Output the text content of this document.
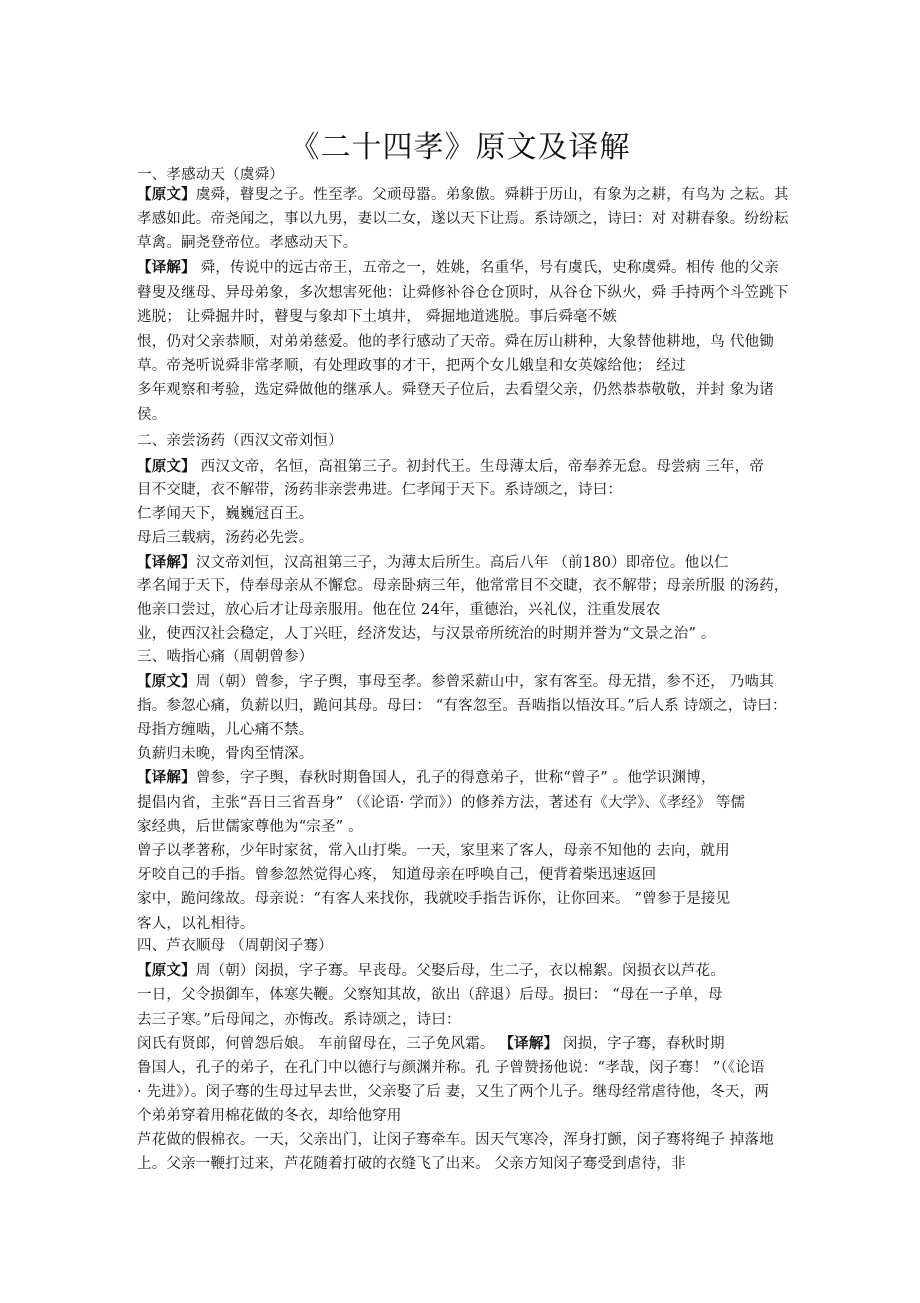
《二十四孝》原文及译解
一、孝感动天（虞舜）
【原文】虞舜，瞽叟之子。性至孝。父顽母嚣。弟象傲。舜耕于历山，有象为之耕，有鸟为 之耘。其
孝感如此。帝尧闻之，事以九男，妻以二女，遂以天下让焉。系诗颂之，诗曰：对 对耕春象。纷纷耘
草禽。嗣尧登帝位。孝感动天下。
【译解】 舜，传说中的远古帝王，五帝之一，姓姚，名重华，号有虞氏，史称虞舜。相传 他的父亲
瞽叟及继母、异母弟象，多次想害死他：让舜修补谷仓仓顶时，从谷仓下纵火，舜 手持两个斗笠跳下
逃脱； 让舜掘井时，瞽叟与象却下土填井， 舜掘地道逃脱。事后舜毫不嫉
恨，仍对父亲恭顺，对弟弟慈爱。他的孝行感动了天帝。舜在厉山耕种，大象替他耕地，鸟 代他锄
草。帝尧听说舜非常孝顺，有处理政事的才干，把两个女儿娥皇和女英嫁给他； 经过
多年观察和考验，选定舜做他的继承人。舜登天子位后，去看望父亲，仍然恭恭敬敬，并封 象为诸
侯。
二、亲尝汤药（西汉文帝刘恒）
【原文】 西汉文帝，名恒，高祖第三子。初封代王。生母薄太后，帝奉养无怠。母尝病 三年，帝
目不交睫，衣不解带，汤药非亲尝弗进。仁孝闻于天下。系诗颂之，诗曰：
仁孝闻天下，巍巍冠百王。
母后三载病，汤药必先尝。
【译解】汉文帝刘恒，汉高祖第三子，为薄太后所生。高后八年 （前180）即帝位。他以仁
孝名闻于天下，侍奉母亲从不懈怠。母亲卧病三年，他常常目不交睫，衣不解带；母亲所服 的汤药，
他亲口尝过，放心后才让母亲服用。他在位 24年，重德治，兴礼仪，注重发展农
业，使西汉社会稳定，人丁兴旺，经济发达，与汉景帝所统治的时期并誉为“文景之治” 。
三、啮指心痛（周朝曾参）
【原文】周（朝）曾参，字子舆，事母至孝。参曾采薪山中，家有客至。母无措，参不还， 乃啮其
指。参忽心痛，负薪以归，跪问其母。母曰： “有客忽至。吾啮指以悟汝耳。”后人系 诗颂之，诗曰：
母指方缠啮，儿心痛不禁。
负薪归未晚，骨肉至情深。
【译解】曾参，字子舆，春秋时期鲁国人，孔子的得意弟子，世称“曾子” 。他学识渊博，
提倡内省，主张“吾日三省吾身” （《论语· 学而》）的修养方法，著述有《大学》、《孝经》 等儒
家经典，后世儒家尊他为“宗圣” 。
曾子以孝著称，少年时家贫，常入山打柴。一天，家里来了客人，母亲不知他的 去向，就用
牙咬自己的手指。曾参忽然觉得心疼， 知道母亲在呼唤自己，便背着柴迅速返回
家中，跪问缘故。母亲说：“有客人来找你，我就咬手指告诉你，让你回来。 ”曾参于是接见
客人，以礼相待。
四、芦衣顺母 （周朝闵子骞）
【原文】周（朝）闵损，字子骞。早丧母。父娶后母，生二子，衣以棉絮。闵损衣以芦花。
一日，父令损御车，体寒失鞭。父察知其故，欲出（辞退）后母。损曰： “母在一子单，母
去三子寒。”后母闻之，亦悔改。系诗颂之，诗曰：
闵氏有贤郎，何曾怨后娘。 车前留母在，三子免风霜。 【译解】 闵损，字子骞，春秋时期
鲁国人，孔子的弟子，在孔门中以德行与颜渊并称。孔 子曾赞扬他说：“孝哉，闵子骞！ ”（《论语
· 先进》）。闵子骞的生母过早去世，父亲娶了后 妻，又生了两个儿子。继母经常虐待他，冬天，两
个弟弟穿着用棉花做的冬衣，却给他穿用
芦花做的假棉衣。一天，父亲出门，让闵子骞牵车。因天气寒冷，浑身打颤，闵子骞将绳子 掉落地
上。父亲一鞭打过来，芦花随着打破的衣缝飞了出来。 父亲方知闵子骞受到虐待，非
